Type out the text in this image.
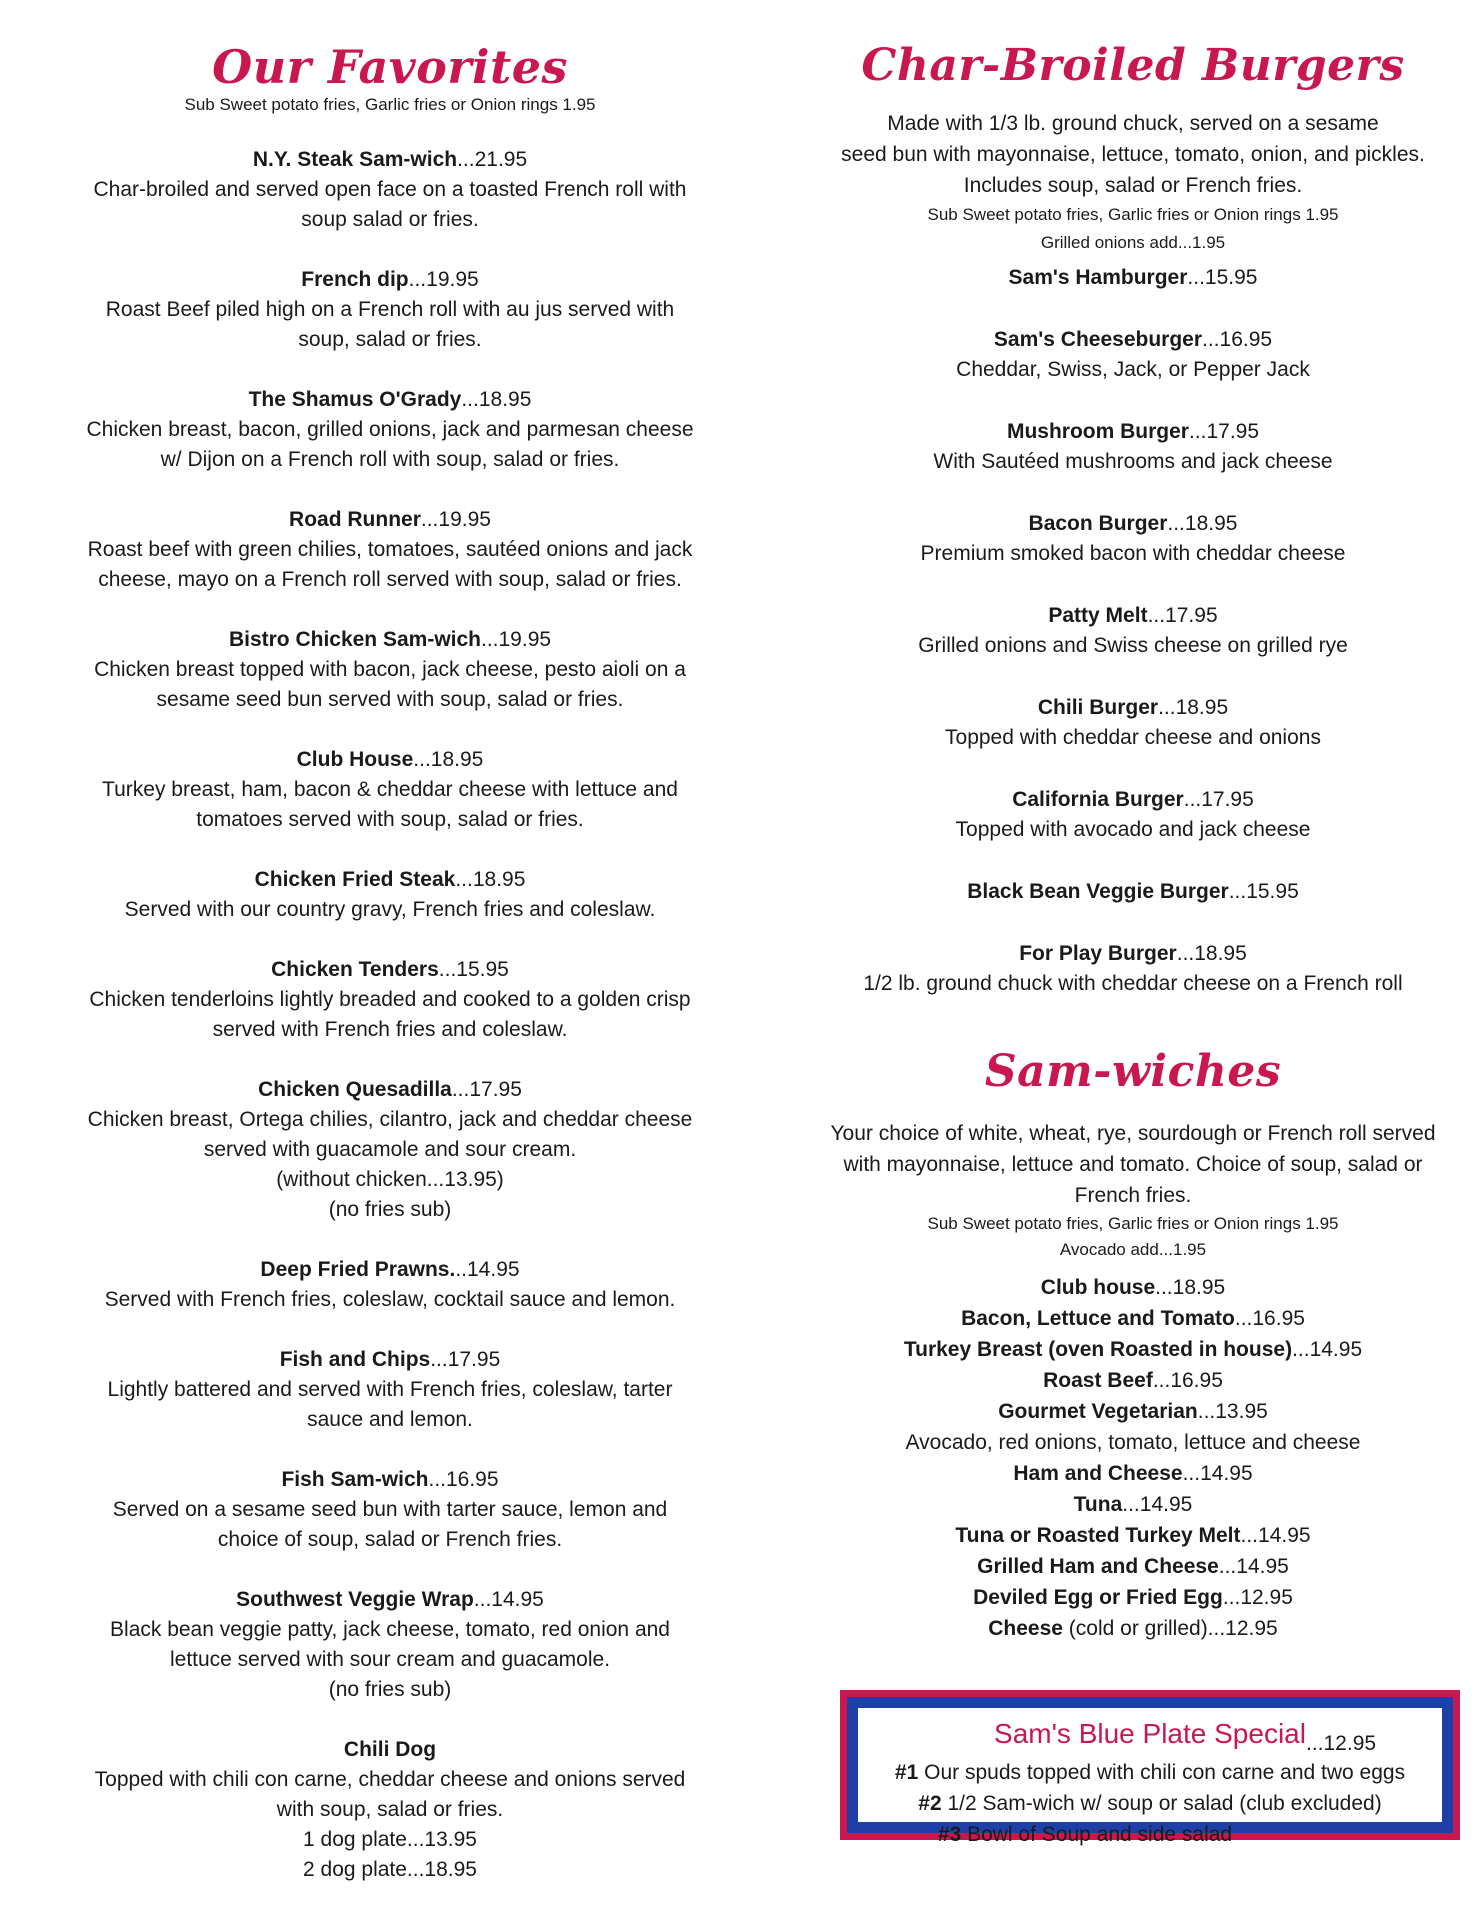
Our Favorites

Sub Sweet potato fries, Garlic fries or Onion rings 1.95

N.Y. Steak Sam-wich...21.95

Char-broiled and served open face on a toasted French roll with

soup salad or fries.

French dip...19.95

Roast Beef piled high on a French roll with au jus served with

soup, salad or fries.

The Shamus O'Grady...18.95

Chicken breast, bacon, grilled onions, jack and parmesan cheese

w/ Dijon on a French roll with soup, salad or fries.

Road Runner...19.95

Roast beef with green chilies, tomatoes, sautéed onions and jack

cheese, mayo on a French roll served with soup, salad or fries.

Bistro Chicken Sam-wich...19.95

Chicken breast topped with bacon, jack cheese, pesto aioli on a

sesame seed bun served with soup, salad or fries.

Club House...18.95

Turkey breast, ham, bacon & cheddar cheese with lettuce and

tomatoes served with soup, salad or fries.

Chicken Fried Steak...18.95

Served with our country gravy, French fries and coleslaw.

Chicken Tenders...15.95

Chicken tenderloins lightly breaded and cooked to a golden crisp

served with French fries and coleslaw.

Chicken Quesadilla...17.95

Chicken breast, Ortega chilies, cilantro, jack and cheddar cheese

served with guacamole and sour cream.

(without chicken...13.95)

(no fries sub)

Deep Fried Prawns...14.95

Served with French fries, coleslaw, cocktail sauce and lemon.

Fish and Chips...17.95

Lightly battered and served with French fries, coleslaw, tarter

sauce and lemon.

Fish Sam-wich...16.95

Served on a sesame seed bun with tarter sauce, lemon and

choice of soup, salad or French fries.

Southwest Veggie Wrap...14.95

Black bean veggie patty, jack cheese, tomato, red onion and

lettuce served with sour cream and guacamole.

(no fries sub)

Chili Dog

Topped with chili con carne, cheddar cheese and onions served

with soup, salad or fries.

1 dog plate...13.95

2 dog plate...18.95

Char-Broiled Burgers

Made with 1/3 lb. ground chuck, served on a sesame

seed bun with mayonnaise, lettuce, tomato, onion, and pickles.

Includes soup, salad or French fries.

Sub Sweet potato fries, Garlic fries or Onion rings 1.95

Grilled onions add...1.95

Sam's Hamburger...15.95

Sam's Cheeseburger...16.95

Cheddar, Swiss, Jack, or Pepper Jack

Mushroom Burger...17.95

With Sautéed mushrooms and jack cheese

Bacon Burger...18.95

Premium smoked bacon with cheddar cheese

Patty Melt...17.95

Grilled onions and Swiss cheese on grilled rye

Chili Burger...18.95

Topped with cheddar cheese and onions

California Burger...17.95

Topped with avocado and jack cheese

Black Bean Veggie Burger...15.95

For Play Burger...18.95

1/2 lb. ground chuck with cheddar cheese on a French roll

Sam-wiches

Your choice of white, wheat, rye, sourdough or French roll served

with mayonnaise, lettuce and tomato. Choice of soup, salad or

French fries.

Sub Sweet potato fries, Garlic fries or Onion rings 1.95

Avocado add...1.95

Club house...18.95

Bacon, Lettuce and Tomato...16.95

Turkey Breast (oven Roasted in house)...14.95

Roast Beef...16.95

Gourmet Vegetarian...13.95

Avocado, red onions, tomato, lettuce and cheese

Ham and Cheese...14.95

Tuna...14.95

Tuna or Roasted Turkey Melt...14.95

Grilled Ham and Cheese...14.95

Deviled Egg or Fried Egg...12.95

Cheese (cold or grilled)...12.95

Sam's Blue Plate Special ...12.95

#1 Our spuds topped with chili con carne and two eggs

#2 1/2 Sam-wich w/ soup or salad (club excluded)

#3 Bowl of Soup and side salad
